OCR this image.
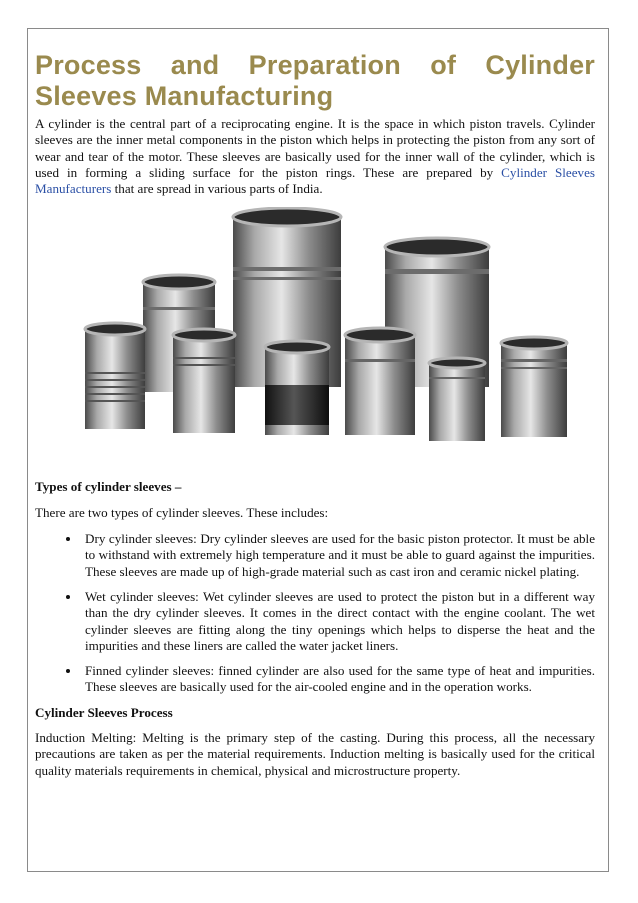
Process and Preparation of Cylinder Sleeves Manufacturing

A cylinder is the central part of a reciprocating engine. It is the space in which piston travels. Cylinder sleeves are the inner metal components in the piston which helps in protecting the piston from any sort of wear and tear of the motor. These sleeves are basically used for the inner wall of the cylinder, which is used in forming a sliding surface for the piston rings. These are prepared by Cylinder Sleeves Manufacturers that are spread in various parts of India.

Types of cylinder sleeves –

There are two types of cylinder sleeves. These includes:

• Dry cylinder sleeves: Dry cylinder sleeves are used for the basic piston protector. It must be able to withstand with extremely high temperature and it must be able to guard against the impurities. These sleeves are made up of high-grade material such as cast iron and ceramic nickel plating.
• Wet cylinder sleeves: Wet cylinder sleeves are used to protect the piston but in a different way than the dry cylinder sleeves. It comes in the direct contact with the engine coolant. The wet cylinder sleeves are fitting along the tiny openings which helps to disperse the heat and the impurities and these liners are called the water jacket liners.
• Finned cylinder sleeves: finned cylinder are also used for the same type of heat and impurities. These sleeves are basically used for the air-cooled engine and in the operation works.

Cylinder Sleeves Process

Induction Melting: Melting is the primary step of the casting. During this process, all the necessary precautions are taken as per the material requirements. Induction melting is basically used for the critical quality materials requirements in chemical, physical and microstructure property.
